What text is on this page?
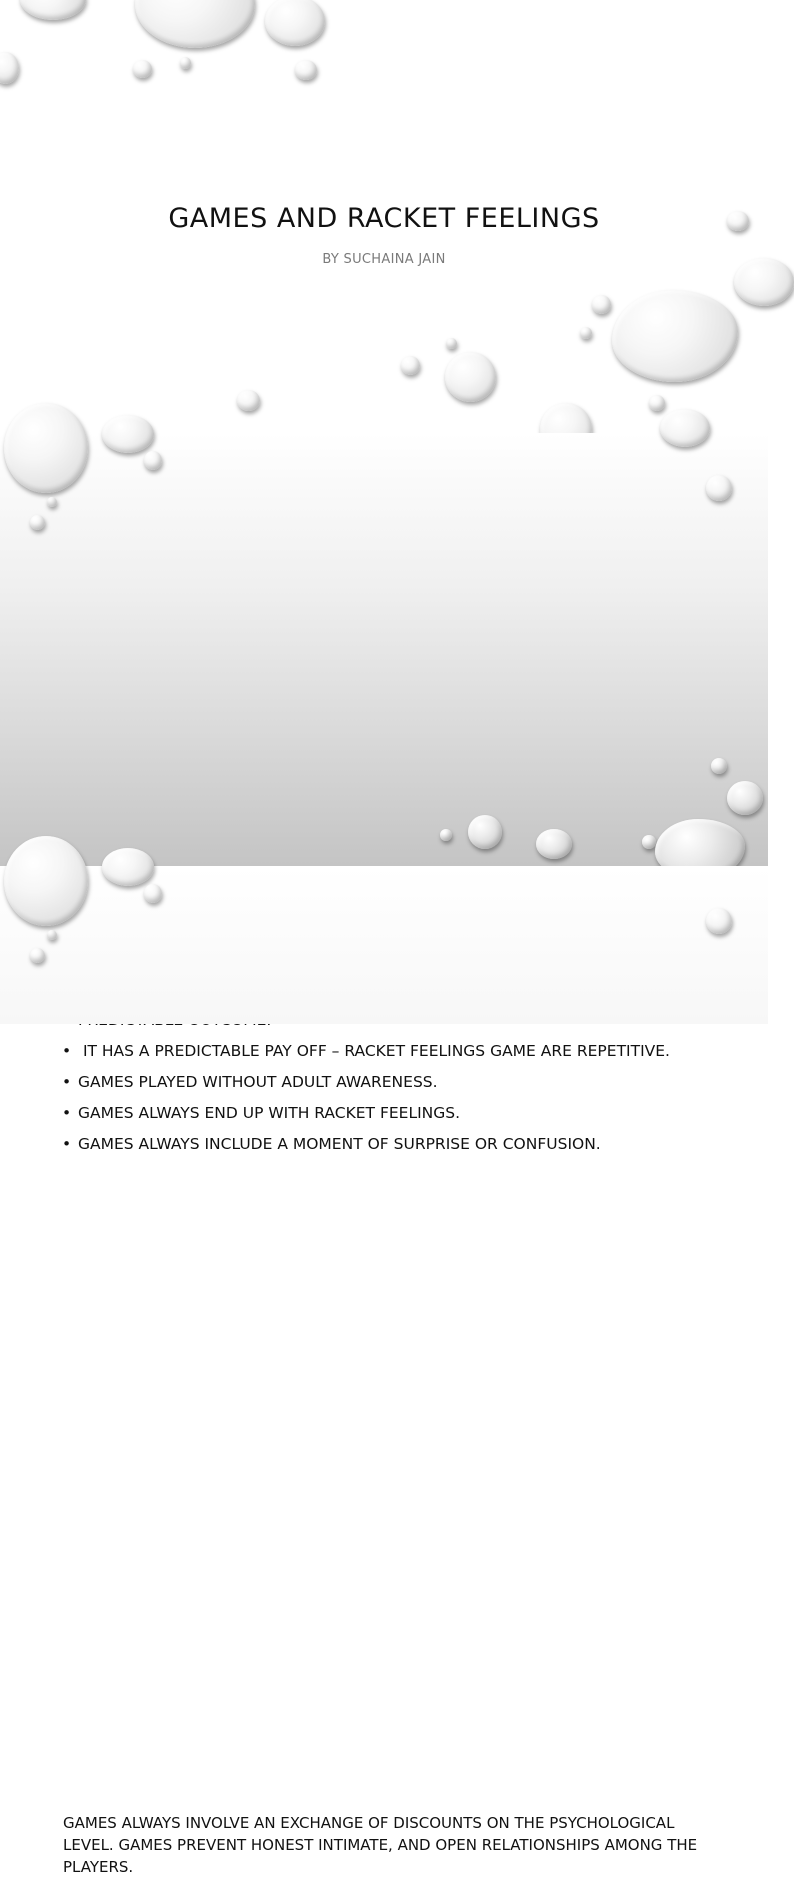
GAMES AND RACKET FEELINGS
BY SUCHAINA JAIN
• IT HAS A PREDICTABLE PAY OFF – RACKET FEELINGS GAME ARE REPETITIVE.
• GAMES PLAYED WITHOUT ADULT AWARENESS.
• GAMES ALWAYS END UP WITH RACKET FEELINGS.
• GAMES ALWAYS INCLUDE A MOMENT OF SURPRISE OR CONFUSION.

GAMES ALWAYS INVOLVE AN EXCHANGE OF DISCOUNTS ON THE PSYCHOLOGICAL LEVEL. GAMES PREVENT HONEST INTIMATE, AND OPEN RELATIONSHIPS AMONG THE PLAYERS.
